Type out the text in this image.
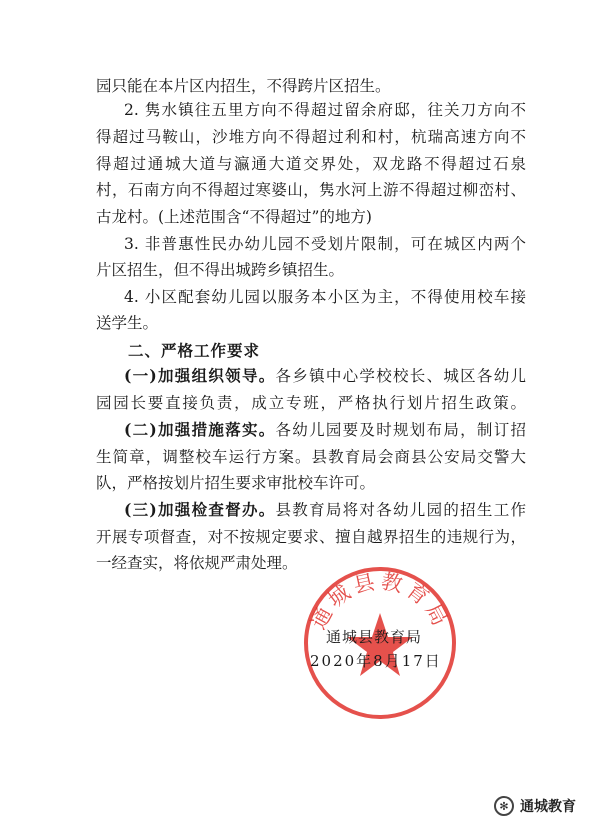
园只能在本片区内招生，不得跨片区招生。
2. 隽水镇往五里方向不得超过留余府邸，往关刀方向不
得超过马鞍山，沙堆方向不得超过利和村，杭瑞高速方向不
得超过通城大道与瀛通大道交界处，双龙路不得超过石泉
村，石南方向不得超过寒婆山，隽水河上游不得超过柳峦村、
古龙村。(上述范围含“不得超过”的地方)
3. 非普惠性民办幼儿园不受划片限制，可在城区内两个
片区招生，但不得出城跨乡镇招生。
4. 小区配套幼儿园以服务本小区为主，不得使用校车接
送学生。
二、严格工作要求
(一)加强组织领导。各乡镇中心学校校长、城区各幼儿
园园长要直接负责，成立专班，严格执行划片招生政策。
(二)加强措施落实。各幼儿园要及时规划布局，制订招
生简章，调整校车运行方案。县教育局会商县公安局交警大
队，严格按划片招生要求审批校车许可。
(三)加强检查督办。县教育局将对各幼儿园的招生工作
开展专项督查，对不按规定要求、擅自越界招生的违规行为，
一经查实，将依规严肃处理。
通城县教育局
通城县教育局
2020年8月17日
✻ 通城教育
